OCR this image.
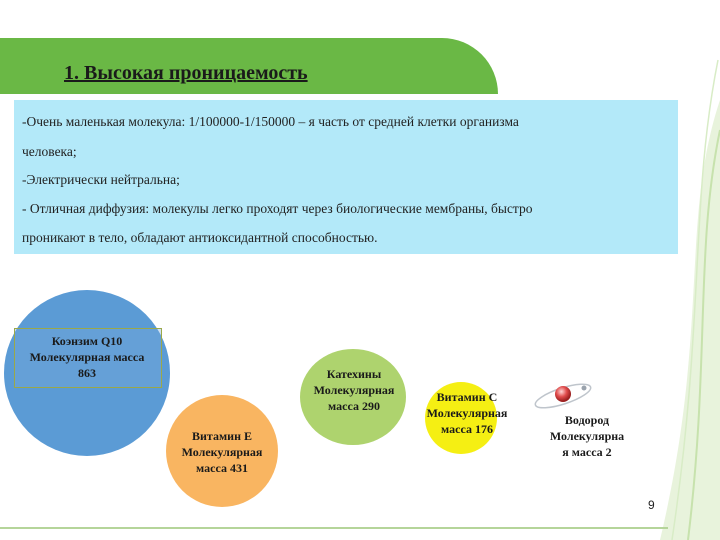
1. Высокая проницаемость
-Очень маленькая молекула: 1/100000-1/150000 – я часть от средней клетки организма
человека;
-Электрически нейтральна;
- Отличная диффузия: молекулы легко проходят через биологические мембраны, быстро
проникают в тело, обладают антиоксидантной способностью.
Коэнзим Q10
Молекулярная масса
863
Витамин Е
Молекулярная
масса 431
Катехины
Молекулярная
масса 290
Витамин С
Молекулярная
масса 176
Водород
Молекулярна
я масса 2
9
